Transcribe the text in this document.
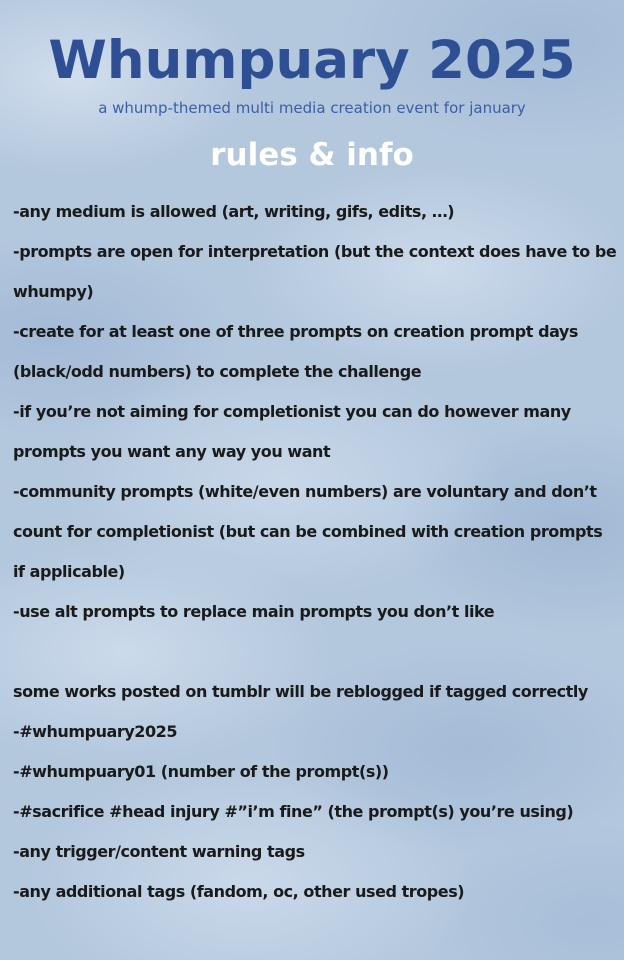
Whumpuary 2025

a whump-themed multi media creation event for january

rules & info
-any medium is allowed (art, writing, gifs, edits, …)
-prompts are open for interpretation (but the context does have to be
whumpy)
-create for at least one of three prompts on creation prompt days
(black/odd numbers) to complete the challenge
-if you’re not aiming for completionist you can do however many
prompts you want any way you want
-community prompts (white/even numbers) are voluntary and don’t
count for completionist (but can be combined with creation prompts
if applicable)
-use alt prompts to replace main prompts you don’t like
some works posted on tumblr will be reblogged if tagged correctly
-#whumpuary2025
-#whumpuary01 (number of the prompt(s))
-#sacrifice #head injury #”i’m fine” (the prompt(s) you’re using)
-any trigger/content warning tags
-any additional tags (fandom, oc, other used tropes)
